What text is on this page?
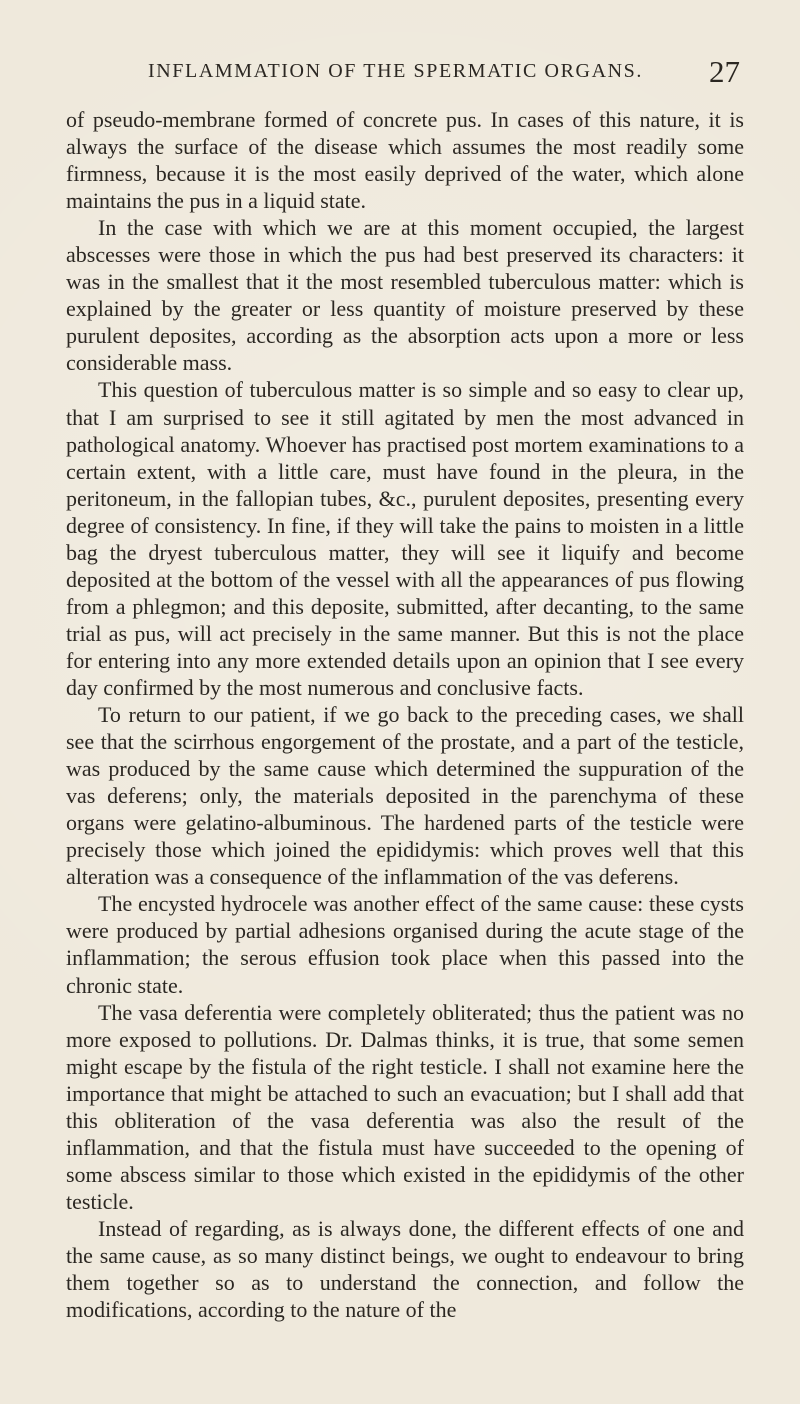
INFLAMMATION OF THE SPERMATIC ORGANS. 27

of pseudo-membrane formed of concrete pus. In cases of this nature, it is always the surface of the disease which assumes the most readily some firmness, because it is the most easily deprived of the water, which alone maintains the pus in a liquid state.

In the case with which we are at this moment occupied, the largest abscesses were those in which the pus had best preserved its characters: it was in the smallest that it the most resembled tuberculous matter: which is explained by the greater or less quantity of moisture preserved by these purulent deposites, according as the absorption acts upon a more or less considerable mass.

This question of tuberculous matter is so simple and so easy to clear up, that I am surprised to see it still agitated by men the most advanced in pathological anatomy. Whoever has practised post mortem examinations to a certain extent, with a little care, must have found in the pleura, in the peritoneum, in the fallopian tubes, &c., purulent deposites, presenting every degree of consistency. In fine, if they will take the pains to moisten in a little bag the dryest tuberculous matter, they will see it liquify and become deposited at the bottom of the vessel with all the appearances of pus flowing from a phlegmon; and this deposite, submitted, after decanting, to the same trial as pus, will act precisely in the same manner. But this is not the place for entering into any more extended details upon an opinion that I see every day confirmed by the most numerous and conclusive facts.

To return to our patient, if we go back to the preceding cases, we shall see that the scirrhous engorgement of the prostate, and a part of the testicle, was produced by the same cause which determined the suppuration of the vas deferens; only, the materials deposited in the parenchyma of these organs were gelatino-albuminous. The hardened parts of the testicle were precisely those which joined the epididymis: which proves well that this alteration was a consequence of the inflammation of the vas deferens.

The encysted hydrocele was another effect of the same cause: these cysts were produced by partial adhesions organised during the acute stage of the inflammation; the serous effusion took place when this passed into the chronic state.

The vasa deferentia were completely obliterated; thus the patient was no more exposed to pollutions. Dr. Dalmas thinks, it is true, that some semen might escape by the fistula of the right testicle. I shall not examine here the importance that might be attached to such an evacuation; but I shall add that this obliteration of the vasa deferentia was also the result of the inflammation, and that the fistula must have succeeded to the opening of some abscess similar to those which existed in the epididymis of the other testicle.

Instead of regarding, as is always done, the different effects of one and the same cause, as so many distinct beings, we ought to endeavour to bring them together so as to understand the connection, and follow the modifications, according to the nature of the
